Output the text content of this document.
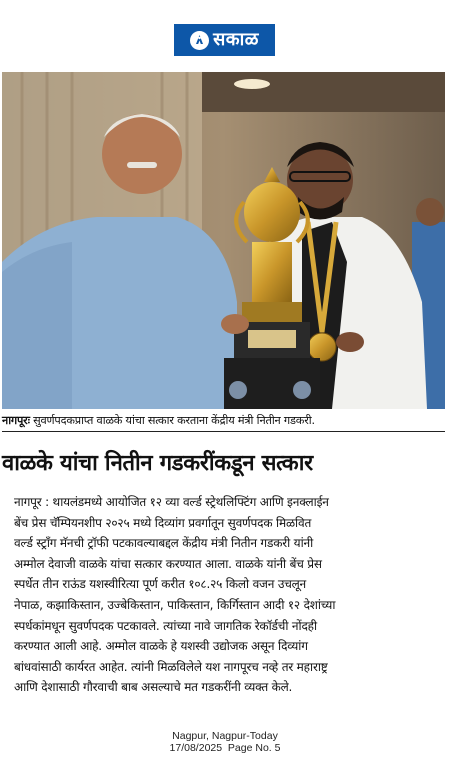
सकाळ
नागपूरः सुवर्णपदकप्राप्त वाळके यांचा सत्कार करताना केंद्रीय मंत्री नितीन गडकरी.
वाळके यांचा नितीन गडकरींकडून सत्कार
नागपूर : थायलंडमध्ये आयोजित १२ व्या वर्ल्ड स्ट्रेथलिफ्टिंग आणि इनक्लाईन
बेंच प्रेस चॅम्पियनशीप २०२५ मध्ये दिव्यांग प्रवर्गातून सुवर्णपदक मिळवित
वर्ल्ड स्ट्राँग मॅनची ट्रॉफी पटकावल्याबद्दल केंद्रीय मंत्री नितीन गडकरी यांनी
अम्मोल देवाजी वाळके यांचा सत्कार करण्यात आला. वाळके यांनी बेंच प्रेस
स्पर्धेत तीन राऊंड यशस्वीरित्या पूर्ण करीत १०८.२५ किलो वजन उचलून
नेपाळ, कझाकिस्तान, उज्बेकिस्तान, पाकिस्तान, किर्गिस्तान आदी १२ देशांच्या
स्पर्धकांमधून सुवर्णपदक पटकावले. त्यांच्या नावे जागतिक रेकॉर्डची नोंदही
करण्यात आली आहे. अम्मोल वाळके हे यशस्वी उद्योजक असून दिव्यांग
बांधवांसाठी कार्यरत आहेत. त्यांनी मिळविलेले यश नागपूरच नव्हे तर महाराष्ट्र
आणि देशासाठी गौरवाची बाब असल्याचे मत गडकरींनी व्यक्त केले.
Nagpur, Nagpur-Today
17/08/2025  Page No. 5
